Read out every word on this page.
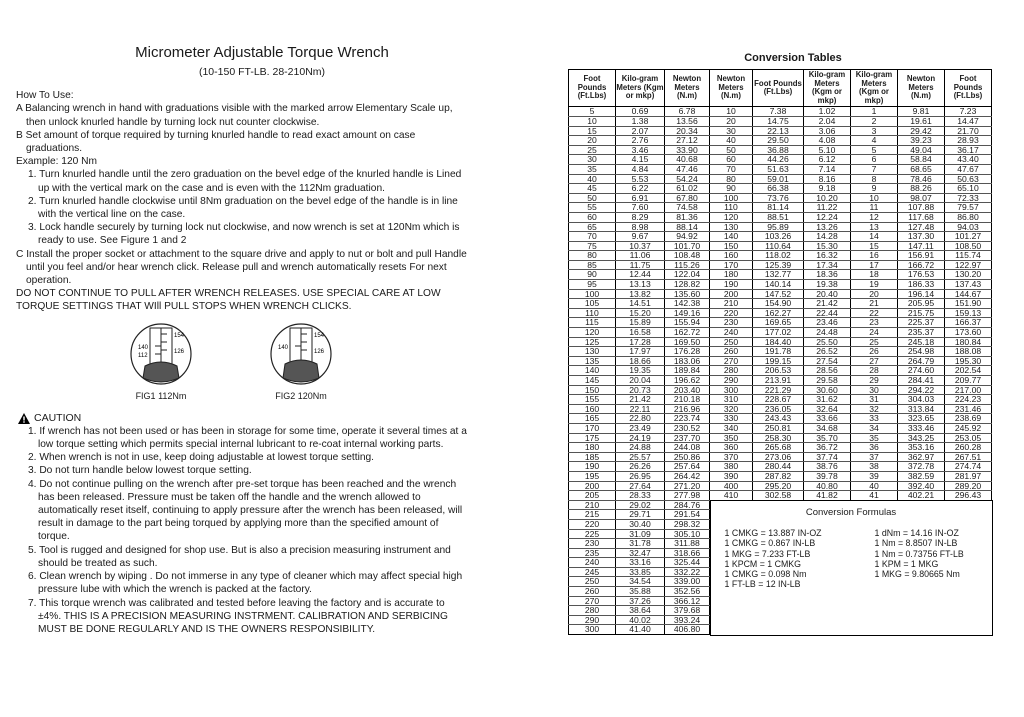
Micrometer Adjustable Torque Wrench
(10-150 FT-LB. 28-210Nm)

How To Use:

A Balancing wrench in hand with graduations visible with the marked arrow Elementary Scale up, then unlock knurled handle by turning lock nut counter clockwise.

B Set amount of torque required by turning knurled handle to read exact amount on case graduations.

Example: 120 Nm

1. Turn knurled handle until the zero graduation on the bevel edge of the knurled handle is Lined up with the vertical mark on the case and is even with the 112Nm graduation.

2. Turn knurled handle clockwise until 8Nm graduation on the bevel edge of the handle is in line with the vertical line on the case.

3. Lock handle securely by turning lock nut clockwise, and now wrench is set at 120Nm which is ready to use. See Figure 1 and 2

C Install the proper socket or attachment to the square drive and apply to nut or bolt and pull Handle until you feel and/or hear wrench click. Release pull and wrench automatically resets For next operation.

DO NOT CONTINUE TO PULL AFTER WRENCH RELEASES. USE SPECIAL CARE AT LOW TORQUE SETTINGS THAT WIll PULL STOPS WHEN WRENCH CLICKS.

154
126
140
112
FIG1 112Nm
154
126
140
FIG2 120Nm
CAUTION

1. If wrench has not been used or has been in storage for some time, operate it several times at a low torque setting which permits special internal lubricant to re-coat internal working parts.

2. When wrench is not in use, keep doing adjustable at lowest torque setting.

3. Do not turn handle below lowest torque setting.

4. Do not continue pulling on the wrench after pre-set torque has been reached and the wrench has been released. Pressure must be taken off the handle and the wrench allowed to automatically reset itself, continuing to apply pressure after the wrench has been released, will result in damage to the part being torqued by applying more than the specified amount of torque.

5. Tool is rugged and designed for shop use. But is also a precision measuring instrument and should be treated as such.

6. Clean wrench by wiping . Do not immerse in any type of cleaner which may affect special high pressure lube with which the wrench is packed at the factory.

7. This torque wrench was calibrated and tested before leaving the factory and is accurate to ±4%. THIS IS A PRECISION MEASURING INSTRMENT. CALIBRATION AND SERBICING MUST BE DONE REGULARLY AND IS THE OWNERS RESPONSIBILITY.

Conversion Tables
Foot Pounds (Ft.Lbs)	Kilo-gram Meters (Kgm or mkp)	Newton Meters (N.m)	Newton Meters (N.m)	Foot Pounds (Ft.Lbs)	Kilo-gram Meters (Kgm or mkp)	Kilo-gram Meters (Kgm or mkp)	Newton Meters (N.m)	Foot Pounds (Ft.Lbs)
5	0.69	6.78	10	7.38	1.02	1	9.81	7.23
10	1.38	13.56	20	14.75	2.04	2	19.61	14.47
15	2.07	20.34	30	22.13	3.06	3	29.42	21.70
20	2.76	27.12	40	29.50	4.08	4	39.23	28.93
25	3.46	33.90	50	36.88	5.10	5	49.04	36.17
30	4.15	40.68	60	44.26	6.12	6	58.84	43.40
35	4.84	47.46	70	51.63	7.14	7	68.65	47.67
40	5.53	54.24	80	59.01	8.16	8	78.46	50.63
45	6.22	61.02	90	66.38	9.18	9	88.26	65.10
50	6.91	67.80	100	73.76	10.20	10	98.07	72.33
55	7.60	74.58	110	81.14	11.22	11	107.88	79.57
60	8.29	81.36	120	88.51	12.24	12	117.68	86.80
65	8.98	88.14	130	95.89	13.26	13	127.48	94.03
70	9.67	94.92	140	103.26	14.28	14	137.30	101.27
75	10.37	101.70	150	110.64	15.30	15	147.11	108.50
80	11.06	108.48	160	118.02	16.32	16	156.91	115.74
85	11.75	115.26	170	125.39	17.34	17	166.72	122.97
90	12.44	122.04	180	132.77	18.36	18	176.53	130.20
95	13.13	128.82	190	140.14	19.38	19	186.33	137.43
100	13.82	135.60	200	147.52	20.40	20	196.14	144.67
105	14.51	142.38	210	154.90	21.42	21	205.95	151.90
110	15.20	149.16	220	162.27	22.44	22	215.75	159.13
115	15.89	155.94	230	169.65	23.46	23	225.37	166.37
120	16.58	162.72	240	177.02	24.48	24	235.37	173.60
125	17.28	169.50	250	184.40	25.50	25	245.18	180.84
130	17.97	176.28	260	191.78	26.52	26	254.98	188.08
135	18.66	183.06	270	199.15	27.54	27	264.79	195.30
140	19.35	189.84	280	206.53	28.56	28	274.60	202.54
145	20.04	196.62	290	213.91	29.58	29	284.41	209.77
150	20.73	203.40	300	221.29	30.60	30	294.22	217.00
155	21.42	210.18	310	228.67	31.62	31	304.03	224.23
160	22.11	216.96	320	236.05	32.64	32	313.84	231.46
165	22.80	223.74	330	243.43	33.66	33	323.65	238.69
170	23.49	230.52	340	250.81	34.68	34	333.46	245.92
175	24.19	237.70	350	258.30	35.70	35	343.25	253.05
180	24.88	244.08	360	265.68	36.72	36	353.16	260.28
185	25.57	250.86	370	273.06	37.74	37	362.97	267.51
190	26.26	257.64	380	280.44	38.76	38	372.78	274.74
195	26.95	264.42	390	287.82	39.78	39	382.59	281.97
200	27.64	271.20	400	295.20	40.80	40	392.40	289.20
205	28.33	277.98	410	302.58	41.82	41	402.21	296.43
210	29.02	284.76						
215	29.71	291.54						
220	30.40	298.32						
225	31.09	305.10						
230	31.78	311.88						
235	32.47	318.66						
240	33.16	325.44						
245	33.85	332.22						
250	34.54	339.00						
260	35.88	352.56						
270	37.26	366.12						
280	38.64	379.68						
290	40.02	393.24						
300	41.40	406.80						
Conversion Formulas
1 CMKG = 13.887 IN-OZ
1 CMKG = 0.867 IN-LB
1 MKG = 7.233 FT-LB
1 KPCM = 1 CMKG
1 CMKG = 0.098 Nm
1 FT-LB = 12 IN-LB
1 dNm = 14.16 IN-OZ
1 Nm = 8.8507 IN-LB
1 Nm = 0.73756 FT-LB
1 KPM = 1 MKG
1 MKG = 9.80665 Nm
